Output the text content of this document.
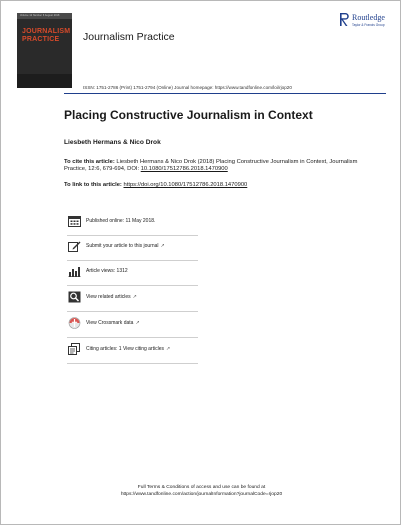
Volume 12 Number 6 August 2018
JOURNALISM PRACTICE	Journalism Practice
ISSN: 1751-2786 (Print) 1751-2794 (Online) Journal homepage: https://www.tandfonline.com/loi/rjop20
Routledge
Taylor & Francis Group
Placing Constructive Journalism in Context
Liesbeth Hermans & Nico Drok
To cite this article: Liesbeth Hermans & Nico Drok (2018) Placing Constructive Journalism in Context, Journalism Practice, 12:6, 679-694, DOI: 10.1080/17512786.2018.1470900
To link to this article: https://doi.org/10.1080/17512786.2018.1470900
Published online: 11 May 2018.
Submit your article to this journal ↗
Article views: 1312
View related articles ↗
View Crossmark data ↗
Citing articles: 1 View citing articles ↗
Full Terms & Conditions of access and use can be found at
https://www.tandfonline.com/action/journalInformation?journalCode=rjop20
